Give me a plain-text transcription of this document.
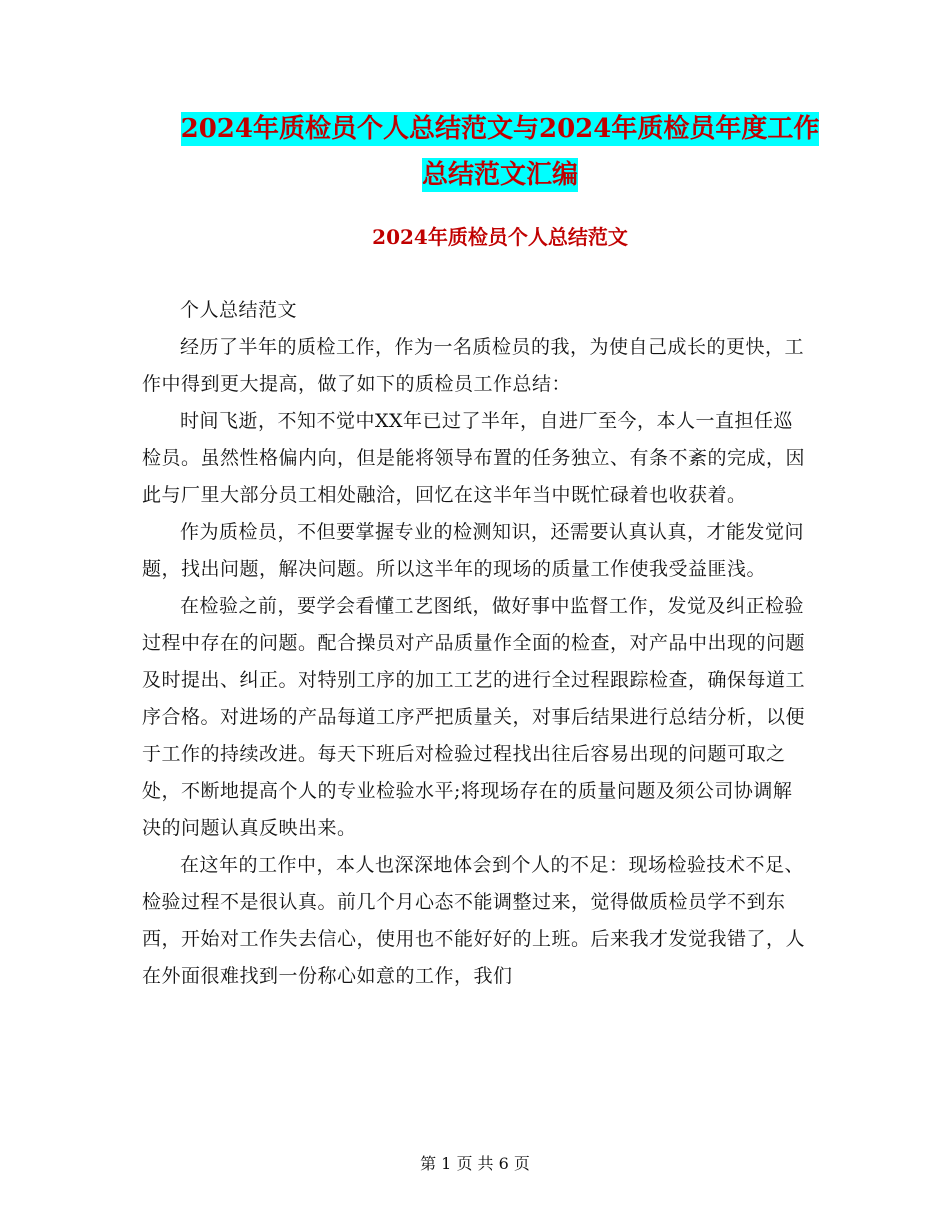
2024年质检员个人总结范文与2024年质检员年度工作
总结范文汇编
2024年质检员个人总结范文

个人总结范文

经历了半年的质检工作，作为一名质检员的我，为使自己成长的更快，工作中得到更大提高，做了如下的质检员工作总结：

时间飞逝，不知不觉中XX年已过了半年，自进厂至今，本人一直担任巡检员。虽然性格偏内向，但是能将领导布置的任务独立、有条不紊的完成，因此与厂里大部分员工相处融洽，回忆在这半年当中既忙碌着也收获着。

作为质检员，不但要掌握专业的检测知识，还需要认真认真，才能发觉问题，找出问题，解决问题。所以这半年的现场的质量工作使我受益匪浅。

在检验之前，要学会看懂工艺图纸，做好事中监督工作，发觉及纠正检验过程中存在的问题。配合操员对产品质量作全面的检查，对产品中出现的问题及时提出、纠正。对特别工序的加工工艺的进行全过程跟踪检查，确保每道工序合格。对进场的产品每道工序严把质量关，对事后结果进行总结分析，以便于工作的持续改进。每天下班后对检验过程找出往后容易出现的问题可取之处，不断地提高个人的专业检验水平;将现场存在的质量问题及须公司协调解决的问题认真反映出来。

在这年的工作中，本人也深深地体会到个人的不足：现场检验技术不足、检验过程不是很认真。前几个月心态不能调整过来，觉得做质检员学不到东西，开始对工作失去信心，使用也不能好好的上班。后来我才发觉我错了，人在外面很难找到一份称心如意的工作，我们

第 1 页 共 6 页
